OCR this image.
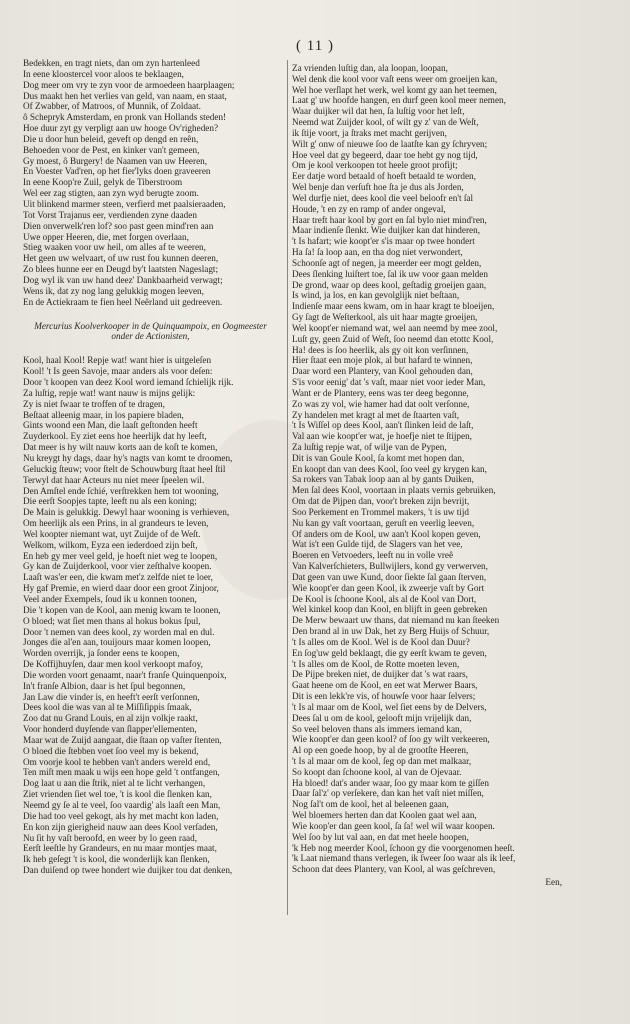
( 11 )
Bedekken, en tragt niets, dan om zyn hartenleed
In eene kloostercel voor aloos te beklaagen,
Dog meer om vry te zyn voor de armoedeen haarplaagen;
Dus maakt hen het verlies van geld, van naam, en staat,
Of Zwabber, of Matroos, of Munnik, of Zoldaat.
ô Schepryk Amsterdam, en pronk van Hollands steden!
Hoe duur zyt gy verpligt aan uw hooge Ov'righeden?
Die u door hun beleid, geveft op dengd en reên,
Behoeden voor de Pest, en kinker van't gemeen,
Gy moest, ô Burgery! de Naamen van uw Heeren,
En Voester Vad'ren, op het fier'lyks doen graveeren
In eene Koop're Zuil, gelyk de Tiberstroom
Wel eer zag stigten, aan zyn wyd berugte zoom.
Uit blinkend marmer steen, verfierd met paalsieraaden,
Tot Vorst Trajanus eer, verdienden zyne daaden
Dien onverwelk'ren lof? soo past geen mind'ren aan
Uwe opper Heeren, die, met forgen overlaan,
Stieg waaken voor uw heil, om alles af te weeren,
Het geen uw welvaart, of uw rust fou kunnen deeren,
Zo blees hunne eer en Deugd by't laatsten Nageslagt;
Dog wyl ik van uw hand deez' Dankbaarheid verwagt;
Wens ik, dat zy nog lang gelukkig mogen leeven,
En de Actiekraam te fien heel Neêrland uit gedreeven.
Mercurius Koolverkooper in de Quinquampoix, en Oogmeester onder de Actionisten,
Kool, haal Kool! Repje wat! want hier is uitgeleſen
Kool! 't Is geen Savoje, maar anders als voor deſen:
Door 't koopen van deez Kool word iemand ſchielijk rijk.
Za luſtig, repje wat! want nauw is mijns gelijk:
Zy is niet ſwaar te troffen of te dragen,
Beſtaat alleenig maar, in los papiere bladen,
Gints woond een Man, die laaſt geſtonden heeft
Zuyderkool. Ey ziet eens hoe heerlijk dat hy leeft,
Dat meer is hy wilt nauw korts aan de koſt te komen,
Nu kreygt hy dags, daar hy's nagts van komt te droomen,
Geluckig ſteuw; voor ſtelt de Schouwburg ſtaat heel ſtil
Terwyl dat haar Acteurs nu niet meer ſpeelen wil.
Den Amſtel ende ſchié, verſtrekken hem tot wooning,
Die eerſt Soopjes tapte, leeft nu als een koning;
De Main is gelukkig. Dewyl haar wooning is verhieven,
Om heerlijk als een Prins, in al grandeurs te leven,
Wel koopter niemant wat, uyt Zuijde of de Weſt.
Welkom, wilkom, Eyza een iederdoed zijn beſt,
En heb gy mer veel geld, je hoeft niet weg te loopen,
Gy kan de Zuijderkool, voor vier zeſthalve koopen.
Laaſt was'er een, die kwam met'z zelfde niet te loer,
Hy gaf Premie, en wierd daar door een groot Zinjoor,
Veel ander Exempels, ſoud ik u konnen toonen,
Die 't kopen van de Kool, aan menig kwam te loonen,
O bloed; wat ſiet men thans al hokus bokus ſpul,
Door 't nemen van dees kool, zy worden mal en dul.
Jonges die al'en aan, touijours maar komen loopen,
Worden overrijk, ja ſonder eens te koopen,
De Koffijhuyſen, daar men kool verkoopt mafoy,
Die worden voort genaamt, naar't franſe Quinquenpoix,
In't franſe Albion, daar is het ſpul begonnen,
Jan Law die vinder is, en heeft't eerſt verſonnen,
Dees kool die was van al te Miſſiſippis ſmaak,
Zoo dat nu Grand Louis, en al zijn volkje raakt,
Voor honderd duyſende van ſlapper'ellementen,
Maar wat de Zuijd aangaat, die ſtaan op vaſter ſtenten,
O bloed die ſtebben voet ſoo veel my is bekend,
Om voorje kool te hebben van't anders wereld end,
Ten miſt men maak u wijs een hope geld 't ontfangen,
Dog laat u aan die ſtrik, niet al te licht verhangen,
Ziet vrienden ſiet wel toe, 't is kool die ſlenken kan,
Neemd gy ſe al te veel, ſoo vaardig' als laaſt een Man,
Die had too veel gekogt, als hy met macht kon laden,
En kon zijn gierigheid nauw aan dees Kool verſaden,
Nu ſit hy vaſt beroofd, en weer by lo geen raad,
Eerſt leeſtle hy Grandeurs, en nu maar montjes maat,
Ik heb geſegt 't is kool, die wonderlijk kan ſlenken,
Dan duiſend op twee hondert wie duijker tou dat denken,
Za vrienden luſtig dan, ala loopan, loopan,
Wel denk die kool voor vaſt eens weer om groeijen kan,
Wel hoe verſlapt het werk, wel komt gy aan het teemen,
Laat g' uw hoofde hangen, en durf geen kool meer nemen,
Waar duijker wil dat hen, ſa luſtig voor het leſt,
Neemd wat Zuijder kool, of wilt gy z' van de Weſt,
ik ſtije voort, ja ſtraks met macht gerijven,
Wilt g' onw of nieuwe ſoo de laatſte kan gy ſchryven;
Hoe veel dat gy begeerd, daar toe hebt gy nog tijd,
Om je kool verkoopen tot heele groot profijt;
Eer datje word betaald of hoeft betaald te worden,
Wel benje dan verſuft hoe ſta je dus als Jorden,
Wel durfje niet, dees kool die veel beloofr en't ſal
Houde, 't en zy en ramp of ander ongeval,
Haar treft haar kool by gort en ſal bylo niet mind'ren,
Maar indienſe ſlenkt. Wie duijker kan dat hinderen,
't Is hafart; wie koopt'er s'is maar op twee hondert
Ha ſa! ſa loop aan, en tha dog niet verwondert,
Schoonſe agt of negen, ja meerder eer mogt gelden,
Dees ſlenking luiſtert toe, ſal ik uw voor gaan melden
De grond, waar op dees kool, geſtadig groeijen gaan,
Is wind, ja los, en kan gevolglijk niet beſtaan,
Indienſe maar eens kwam, om in haar kragt te bloeijen,
Gy ſagt de Weſterkool, als uit haar magte groeijen,
Wel koopt'er niemand wat, wel aan neemd by mee zool,
Luſt gy, geen Zuid of Weſt, ſoo neemd dan etottc Kool,
Ha! dees is ſoo heerlik, als gy oit kon verſinnen,
Hier ſtaat een moje plok, al but hafard te winnen,
Daar word een Plantery, van Kool gehouden dan,
S'is voor eenig' dat 's vaſt, maar niet voor ieder Man,
Want er de Plantery, eens was ter deeg begonne,
Zo was zy vol, wie hamer had dat oolt verſonne,
Zy handelen met kragt al met de ſtaarten vaſt,
't Is Wiſſel op dees Kool, aan't ſlinken leid de laſt,
Val aan wie koopt'er wat, je hoefje niet te ſtijpen,
Za luſtig repje wat, of wilje van de Pypen,
Dit is van Goule Kool, ſa komt met hopen dan,
En koopt dan van dees Kool, ſoo veel gy krygen kan,
Sa rokers van Tabak loop aan al by gants Duiken,
Men ſal dees Kool, voortaan in plaats vernis gebruiken,
Om dat de Pijpen dan, voor't breken zijn bevrijt,
Soo Perkement en Trommel makers, 't is uw tijd
Nu kan gy vaſt voortaan, geruſt en veerlig leeven,
Of anders om de Kool, uw aan't Kool kopen geven,
Wat is't een Gulde tijd, de Slagers van het vee,
Boeren en Vetvoeders, leeft nu in volle vreê
Van Kalverſchieters, Bullwijlers, kond gy verwerven,
Dat geen van uwe Kund, door ſiekte ſal gaan ſterven,
Wie koopt'er dan geen Kool, ik zweerje vaſt by Gort
De Kool is ſchoone Kool, als al de Kool van Dort,
Wel kinkel koop dan Kool, en blijft in geen gebreken
De Merw bewaart uw thans, dat niemand nu kan ſteeken
Den brand al in uw Dak, het zy Berg Huijs of Schuur,
't Is alles om de Kool. Wel is de Kool dan Duur?
En ſog'uw geld beklaagt, die gy eerſt kwam te geven,
't Is alles om de Kool, de Rotte moeten leven,
De Pijpe breken niet, de duijker dat 's wat raars,
Gaat heene om de Kool, en eet wat Merwer Baars,
Dit is een lekk're vis, of houwſe voor haar ſelvers;
't Is al maar om de Kool, wel ſiet eens by de Delvers,
Dees ſal u om de kool, gelooft mijn vrijelijk dan,
So veel beloven thans als immers iemand kan,
Wie koopt'er dan geen kool? of ſoo gy wilt verkeeren,
Al op een goede hoop, by al de grootſte Heeren,
't Is al maar om de kool, ſeg op dan met malkaar,
So koopt dan ſchoone kool, al van de Ojevaar.
Ha bloed! dat's ander waar, ſoo gy maar kom te giſſen
Daar ſal'z' op verſekere, dan kan het vaſt niet miſſen,
Nog ſal't om de kool, het al beleenen gaan,
Wel bloemers herten dan dat Koolen gaat wel aan,
Wie koop'er dan geen kool, ſa ſa! wel wil waar koopen.
Wel ſoo by lut val aan, en dat met heele hoopen,
'k Heb nog meerder Kool, ſchoon gy die voorgenomen heeſt.
'k Laat niemand thans verlegen, ik ſweer ſoo waar als ik leef,
Schoon dat dees Plantery, van Kool, al was geſchreven,
Een,
